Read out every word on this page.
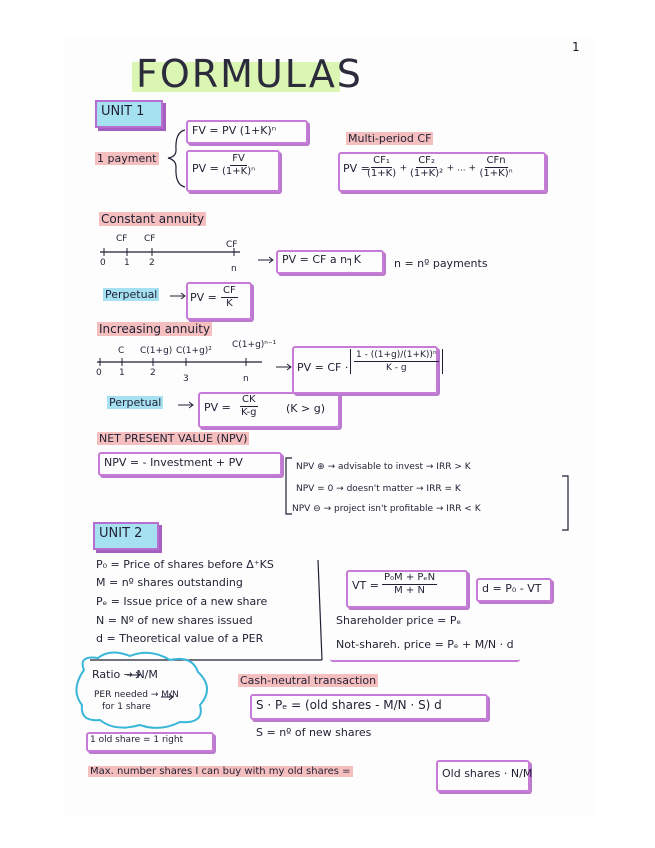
1
FORMULAS
UNIT 1
1 payment
FV = PV (1+K)ⁿ
PV = $\frac{FV}{\text{(1+K)ⁿ}}$
Multi-period CF
PV =
$\frac{\text{CF₁}}{(1+K)} + \frac{\text{CF₂}}{\text{(1+K)²}}$ + ... + $\frac{\text{CFn}}{\text{(1+K)ⁿ}}$
Constant annuity
CF CF
CF
0 1 2
n
PV = CF a n┐K	n = nº payments
Perpetual	PV = $\frac{CF}{K}$
Increasing annuity
C C(1+g) C(1+g)²
C(1+g)ⁿ⁻¹
0 1	2
3	n
PV = CF · $\frac{\text{1 - ((1+g)/(1+K))ⁿ}}{K - g}$
Perpetual	PV = $\frac{CK}{K-g}$	(K > g)
NET PRESENT VALUE (NPV)
NPV = - Investment + PV	NPV ⊕ → advisable to invest → IRR > K
NPV = 0 → doesn't matter → IRR = K
NPV ⊖ → project isn't profitable → IRR < K
UNIT 2
P₀ = Price of shares before Δ⁺KS
M = nº shares outstanding
Pₑ = Issue price of a new share
N = Nº of new shares issued
d = Theoretical value of a PER
VT = $\frac{\text{P₀M + PₑN}}{M + N}$	d = P₀ - VT
Shareholder price = Pₑ
Not-shareh. price = Pₑ + M/N · d
Ratio → N/M
PER needed → M/N
for 1 share
Cash-neutral transaction
S · Pₑ = (old shares - M/N · S) d
S = nº of new shares
1 old share = 1 right
Max. number shares I can buy with my old shares =	Old shares · N/M
